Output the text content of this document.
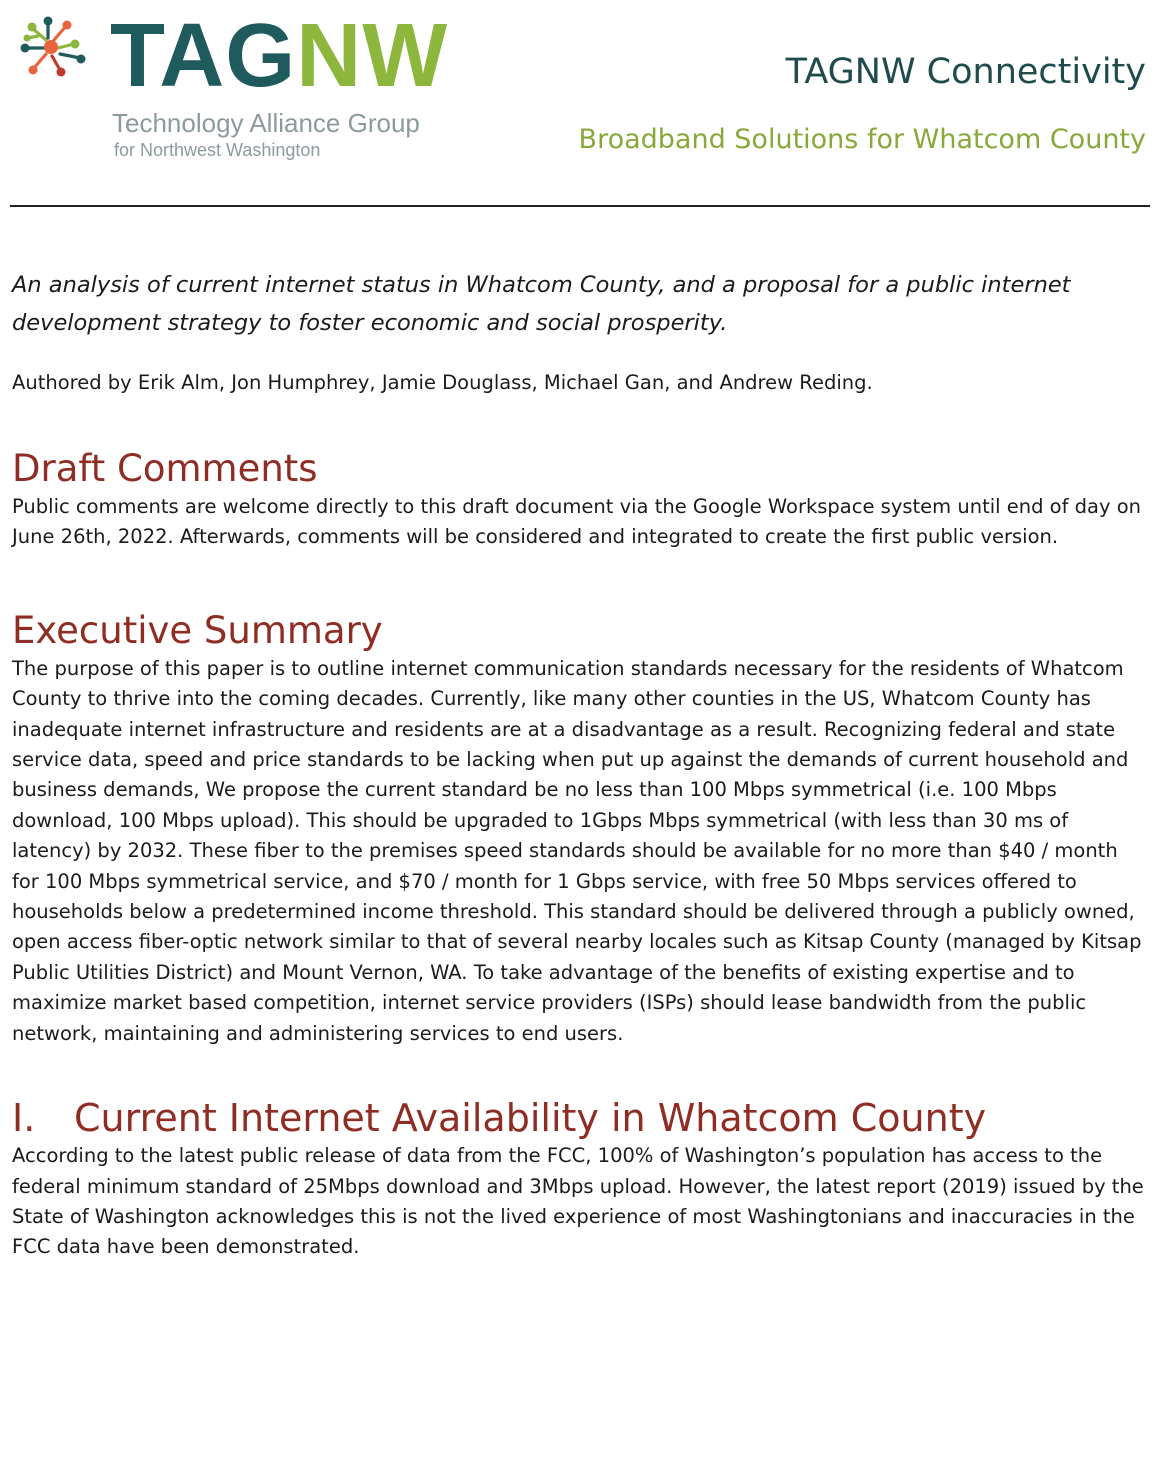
TAGNW
Technology Alliance Group
for Northwest Washington
TAGNW Connectivity
Broadband Solutions for Whatcom County

An analysis of current internet status in Whatcom County, and a proposal for a public internet development strategy to foster economic and social prosperity.

Authored by Erik Alm, Jon Humphrey, Jamie Douglass, Michael Gan, and Andrew Reding.

Draft Comments

Public comments are welcome directly to this draft document via the Google Workspace system until end of day on June 26th, 2022. Afterwards, comments will be considered and integrated to create the first public version.

Executive Summary

The purpose of this paper is to outline internet communication standards necessary for the residents of Whatcom County to thrive into the coming decades. Currently, like many other counties in the US, Whatcom County has inadequate internet infrastructure and residents are at a disadvantage as a result. Recognizing federal and state service data, speed and price standards to be lacking when put up against the demands of current household and business demands, We propose the current standard be no less than 100 Mbps symmetrical (i.e. 100 Mbps download, 100 Mbps upload). This should be upgraded to 1Gbps Mbps symmetrical (with less than 30 ms of latency) by 2032. These fiber to the premises speed standards should be available for no more than $40 / month for 100 Mbps symmetrical service, and $70 / month for 1 Gbps service, with free 50 Mbps services offered to households below a predetermined income threshold. This standard should be delivered through a publicly owned, open access fiber-optic network similar to that of several nearby locales such as Kitsap County (managed by Kitsap Public Utilities District) and Mount Vernon, WA. To take advantage of the benefits of existing expertise and to maximize market based competition, internet service providers (ISPs) should lease bandwidth from the public network, maintaining and administering services to end users.

I. Current Internet Availability in Whatcom County

According to the latest public release of data from the FCC, 100% of Washington’s population has access to the federal minimum standard of 25Mbps download and 3Mbps upload. However, the latest report (2019) issued by the State of Washington acknowledges this is not the lived experience of most Washingtonians and inaccuracies in the FCC data have been demonstrated.
